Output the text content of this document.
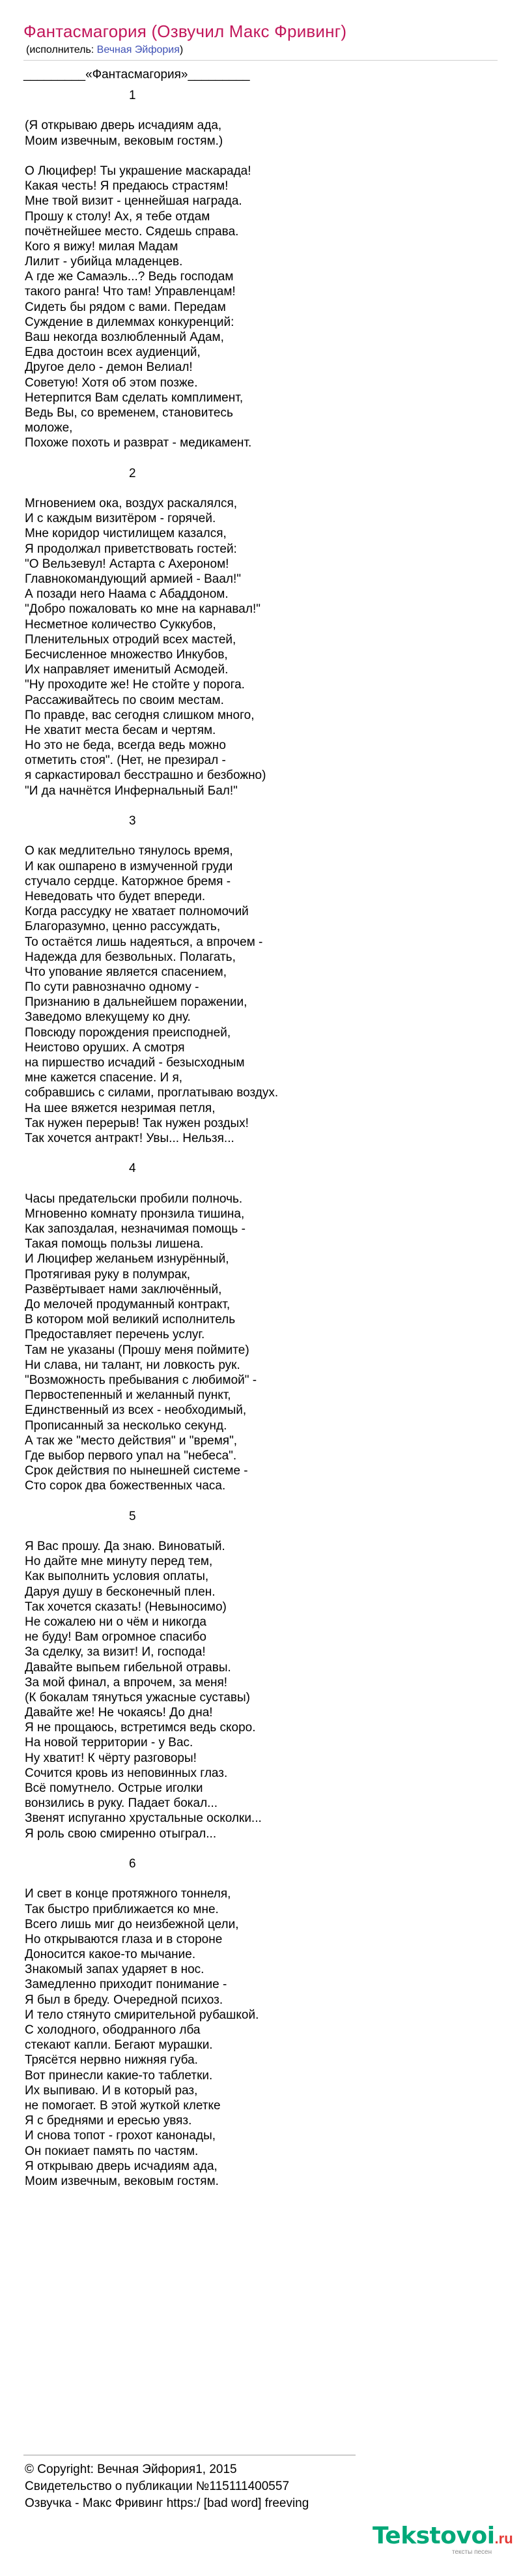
Фантасмагория (Озвучил Макс Фривинг)
(исполнитель: Вечная Эйфория)
_________«Фантасмагория»_________
1
(Я открываю дверь исчадиям ада,
Моим извечным, вековым гостям.)
О Люцифер! Ты украшение маскарада!
Какая честь! Я предаюсь страстям!
Мне твой визит - ценнейшая награда.
Прошу к столу! Ах, я тебе отдам
почётнейшее место. Сядешь справа.
Кого я вижу! милая Мадам
Лилит - убийца младенцев.
А где же Самаэль...? Ведь господам
такого ранга! Что там! Управленцам!
Сидеть бы рядом с вами. Передам
Суждение в дилеммах конкуренций:
Ваш некогда возлюбленный Адам,
Едва достоин всех аудиенций,
Другое дело - демон Велиал!
Советую! Хотя об этом позже.
Нетерпится Вам сделать комплимент,
Ведь Вы, со временем, становитесь
моложе,
Похоже похоть и разврат - медикамент.
2
Мгновением ока, воздух раскалялся,
И с каждым визитёром - горячей.
Мне коридор чистилищем казался,
Я продолжал приветствовать гостей:
"О Вельзевул! Астарта с Ахероном!
Главнокомандующий армией - Ваал!"
А позади него Наама с Абаддоном.
"Добро пожаловать ко мне на карнавал!"
Несметное количество Суккубов,
Пленительных отродий всех мастей,
Бесчисленное множество Инкубов,
Их направляет именитый Асмодей.
"Ну проходите же! Не стойте у порога.
Рассаживайтесь по своим местам.
По правде, вас сегодня слишком много,
Не хватит места бесам и чертям.
Но это не беда, всегда ведь можно
отметить стоя". (Нет, не презирал -
я саркастировал бесстрашно и безбожно)
"И да начнётся Инфернальный Бал!"
3
О как медлительно тянулось время,
И как ошпарено в измученной груди
стучало сердце. Каторжное бремя -
Неведовать что будет впереди.
Когда рассудку не хватает полномочий
Благоразумно, ценно рассуждать,
То остаётся лишь надеяться, а впрочем -
Надежда для безвольных. Полагать,
Что упование является спасением,
По сути равнозначно одному -
Признанию в дальнейшем поражении,
Заведомо влекущему ко дну.
Повсюду порождения преисподней,
Неистово оруших. А смотря
на пиршество исчадий - безысходным
мне кажется спасение. И я,
собравшись с силами, проглатываю воздух.
На шее вяжется незримая петля,
Так нужен перерыв! Так нужен роздых!
Так хочется антракт! Увы... Нельзя...
4
Часы предательски пробили полночь.
Мгновенно комнату пронзила тишина,
Как запоздалая, незначимая помощь -
Такая помощь пользы лишена.
И Люцифер желаньем изнурённый,
Протягивая руку в полумрак,
Развёртывает нами заключённый,
До мелочей продуманный контракт,
В котором мой великий исполнитель
Предоставляет перечень услуг.
Там не указаны (Прошу меня поймите)
Ни слава, ни талант, ни ловкость рук.
"Возможность пребывания с любимой" -
Первостепенный и желанный пункт,
Единственный из всех - необходимый,
Прописанный за несколько секунд.
А так же "место действия" и "время",
Где выбор первого упал на "небеса".
Срок действия по нынешней системе -
Сто сорок два божественных часа.
5
Я Вас прошу. Да знаю. Виноватый.
Но дайте мне минуту перед тем,
Как выполнить условия оплаты,
Даруя душу в бесконечный плен.
Так хочется сказать! (Невыносимо)
Не сожалею ни о чём и никогда
не буду! Вам огромное спасибо
За сделку, за визит! И, господа!
Давайте выпьем гибельной отравы.
За мой финал, а впрочем, за меня!
(К бокалам тянуться ужасные суставы)
Давайте же! Не чокаясь! До дна!
Я не прощаюсь, встретимся ведь скоро.
На новой территории - у Вас.
Ну хватит! К чёрту разговоры!
Сочится кровь из неповинных глаз.
Всё помутнело. Острые иголки
вонзились в руку. Падает бокал...
Звенят испуганно хрустальные осколки...
Я роль свою смиренно отыграл...
6
И свет в конце протяжного тоннеля,
Так быстро приближается ко мне.
Всего лишь миг до неизбежной цели,
Но открываются глаза и в стороне
Доносится какое-то мычание.
Знакомый запах ударяет в нос.
Замедленно приходит понимание -
Я был в бреду. Очередной психоз.
И тело стянуто смирительной рубашкой.
С холодного, ободранного лба
стекают капли. Бегают мурашки.
Трясётся нервно нижняя губа.
Вот принесли какие-то таблетки.
Их выпиваю. И в который раз,
не помогает. В этой жуткой клетке
Я с бреднями и ересью увяз.
И снова топот - грохот канонады,
Он покиает память по частям.
Я открываю дверь исчадиям ада,
Моим извечным, вековым гостям.
© Copyright: Вечная Эйфория1, 2015
Свидетельство о публикации №115111400557
Озвучка - Макс Фривинг https:/ [bad word] freeving
Tekstovoi.ru
тексты песен
